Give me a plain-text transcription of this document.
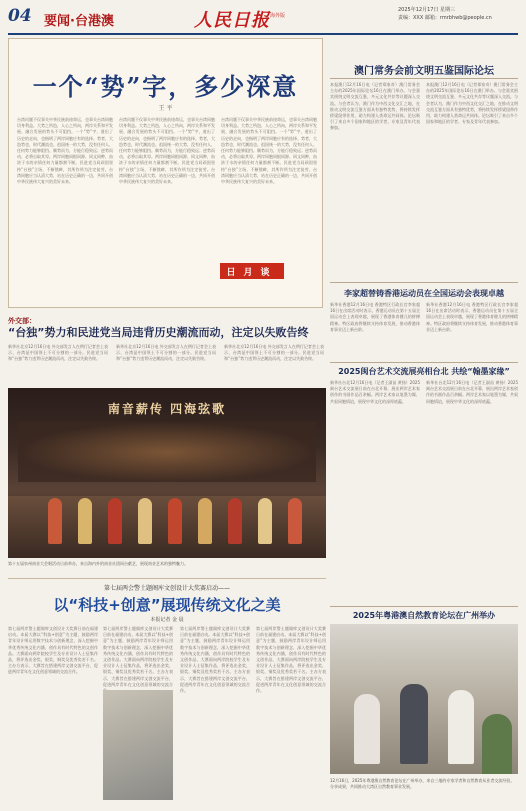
04 要闻·台港澳	人民日报 海外版
2025年12月17日 星期三
责编：XXX 邮箱：rmrbhwb@people.cn
一个“势”字，多少深意
王 平
台湾问题不仅事关中华民族前途命运，也事关台湾同胞切身利益。大势之所趋，人心之所向，两岸关系和平发展、融合发展的势头不可阻挡。一个“势”字，道出了历史的走向，也指明了两岸同胞应有的选择。势者，大趋势也，时代潮流也。祖国统一的大势，没有任何人、任何势力能够阻挡。顺势而为，方能行稳致远；逆势而动，必将自取其辱。两岸同胞同根同源、同文同种，血浓于水的亲情任何力量都割不断。民进党当局顽固坚持“台独”立场，不断挑衅，其所作所为注定徒劳。台湾同胞应当认清大势，站在历史正确的一边，共同开创中华民族伟大复兴的美好未来。
台湾问题不仅事关中华民族前途命运，也事关台湾同胞切身利益。大势之所趋，人心之所向，两岸关系和平发展、融合发展的势头不可阻挡。一个“势”字，道出了历史的走向，也指明了两岸同胞应有的选择。势者，大趋势也，时代潮流也。祖国统一的大势，没有任何人、任何势力能够阻挡。顺势而为，方能行稳致远；逆势而动，必将自取其辱。两岸同胞同根同源、同文同种，血浓于水的亲情任何力量都割不断。民进党当局顽固坚持“台独”立场，不断挑衅，其所作所为注定徒劳。台湾同胞应当认清大势，站在历史正确的一边，共同开创中华民族伟大复兴的美好未来。
台湾问题不仅事关中华民族前途命运，也事关台湾同胞切身利益。大势之所趋，人心之所向，两岸关系和平发展、融合发展的势头不可阻挡。一个“势”字，道出了历史的走向，也指明了两岸同胞应有的选择。势者，大趋势也，时代潮流也。祖国统一的大势，没有任何人、任何势力能够阻挡。顺势而为，方能行稳致远；逆势而动，必将自取其辱。两岸同胞同根同源、同文同种，血浓于水的亲情任何力量都割不断。民进党当局顽固坚持“台独”立场，不断挑衅，其所作所为注定徒劳。台湾同胞应当认清大势，站在历史正确的一边，共同开创中华民族伟大复兴的美好未来。
日月谈
澳门常务会前文明五鉴国际论坛
本报澳门12月16日电（记者郑家奇）澳门常务会主办的2025年国际论坛16日在澳门举办。与会嘉宾围绕文明交流互鉴、多元文化共存等议题深入交流。与会者认为，澳门作为中西文化交汇之地，在推动文明交流互鉴方面具有独特优势，将持续发挥桥梁纽带作用，助力构建人类命运共同体。论坛吸引了来自多个国家和地区的学者、专家及青年代表参加。
本报澳门12月16日电（记者郑家奇）澳门常务会主办的2025年国际论坛16日在澳门举办。与会嘉宾围绕文明交流互鉴、多元文化共存等议题深入交流。与会者认为，澳门作为中西文化交汇之地，在推动文明交流互鉴方面具有独特优势，将持续发挥桥梁纽带作用，助力构建人类命运共同体。论坛吸引了来自多个国家和地区的学者、专家及青年代表参加。
外交部：
“台独”势力和民进党当局违背历史潮流而动，注定以失败告终
新华社北京12月16日电 外交部发言人在例行记者会上表示，台湾是中国领土不可分割的一部分。民进党当局和“台独”势力违背历史潮流而动，注定以失败告终。
新华社北京12月16日电 外交部发言人在例行记者会上表示，台湾是中国领土不可分割的一部分。民进党当局和“台独”势力违背历史潮流而动，注定以失败告终。
新华社北京12月16日电 外交部发言人在例行记者会上表示，台湾是中国领土不可分割的一部分。民进党当局和“台独”势力违背历史潮流而动，注定以失败告终。
南音薪传 四海弦歌
第十五届泉州南音大会唱活动日前举办，来自海内外的南音社团同台献艺，展现南音艺术的独特魅力。
第七届两会警土题阁库文创设计大奖赛启动——
以“科技+创意”展现传统文化之美
本报记者 金 晨
第七届两岸警土题阁库文创设计大奖赛日前在福建启动。本届大赛以“科技+创意”为主题，鼓励两岸青年设计师运用数字技术与创新理念，深入挖掘中华优秀传统文化内涵，创作具有时代特色的文创作品。大赛面向两岸院校学生及专业设计人士征集作品，将评选出金奖、银奖、铜奖及优秀奖若干名。主办方表示，大赛旨在搭建两岸文创交流平台，促进两岸青年在文化创意领域的交流合作。
第七届两岸警土题阁库文创设计大奖赛日前在福建启动。本届大赛以“科技+创意”为主题，鼓励两岸青年设计师运用数字技术与创新理念，深入挖掘中华优秀传统文化内涵，创作具有时代特色的文创作品。大赛面向两岸院校学生及专业设计人士征集作品，将评选出金奖、银奖、铜奖及优秀奖若干名。主办方表示，大赛旨在搭建两岸文创交流平台，促进两岸青年在文化创意领域的交流合
第七届两岸警土题阁库文创设计大奖赛日前在福建启动。本届大赛以“科技+创意”为主题，鼓励两岸青年设计师运用数字技术与创新理念，深入挖掘中华优秀传统文化内涵，创作具有时代特色的文创作品。大赛面向两岸院校学生及专业设计人士征集作品，将评选出金奖、银奖、铜奖及优秀奖若干名。主办方表示，大赛旨在搭建两岸文创交流平台，促进两岸青年在文化创意领域的交流合作。
第七届两岸警土题阁库文创设计大奖赛日前在福建启动。本届大赛以“科技+创意”为主题，鼓励两岸青年设计师运用数字技术与创新理念，深入挖掘中华优秀传统文化内涵，创作具有时代特色的文创作品。大赛面向两岸院校学生及专业设计人士征集作品，将评选出金奖、银奖、铜奖及优秀奖若干名。主办方表示，大赛旨在搭建两岸文创交流平台，促进两岸青年在文化创意领域的交流合作。
李家超替铸香港运动员在全国运动会表现卓越
新华社香港12月16日电 香港特区行政长官李家超16日在出席活动时表示，香港运动员在第十五届全国运动会上表现卓越，展现了香港体育健儿的拼搏精神。特区政府将继续支持体育发展，推动香港体育事业迈上新台阶。
新华社香港12月16日电 香港特区行政长官李家超16日在出席活动时表示，香港运动员在第十五届全国运动会上表现卓越，展现了香港体育健儿的拼搏精神。特区政府将继续支持体育发展，推动香港体育事业迈上新台阶。
2025闽台艺术交流展亮相台北 共绘“翰墨家缘”
新华社台北12月16日电（记者王淑苗 黄扬）2025闽台艺术交流展日前在台北开幕，展出两岸艺术家创作的书画作品百余幅。两岸艺术家以笔墨为媒，共叙同胞情谊，展现中华文化的深厚底蕴。
新华社台北12月16日电（记者王淑苗 黄扬）2025闽台艺术交流展日前在台北开幕，展出两岸艺术家创作的书画作品百余幅。两岸艺术家以笔墨为媒，共叙同胞情谊，展现中华文化的深厚底蕴。
2025年粤港澳自然教育论坛在广州举办
12月16日，2025年粤港澳自然教育论坛在广州举办，来自三地的专家学者和自然教育从业者交流经验、分享成果，共同推动大湾区自然教育事业发展。
